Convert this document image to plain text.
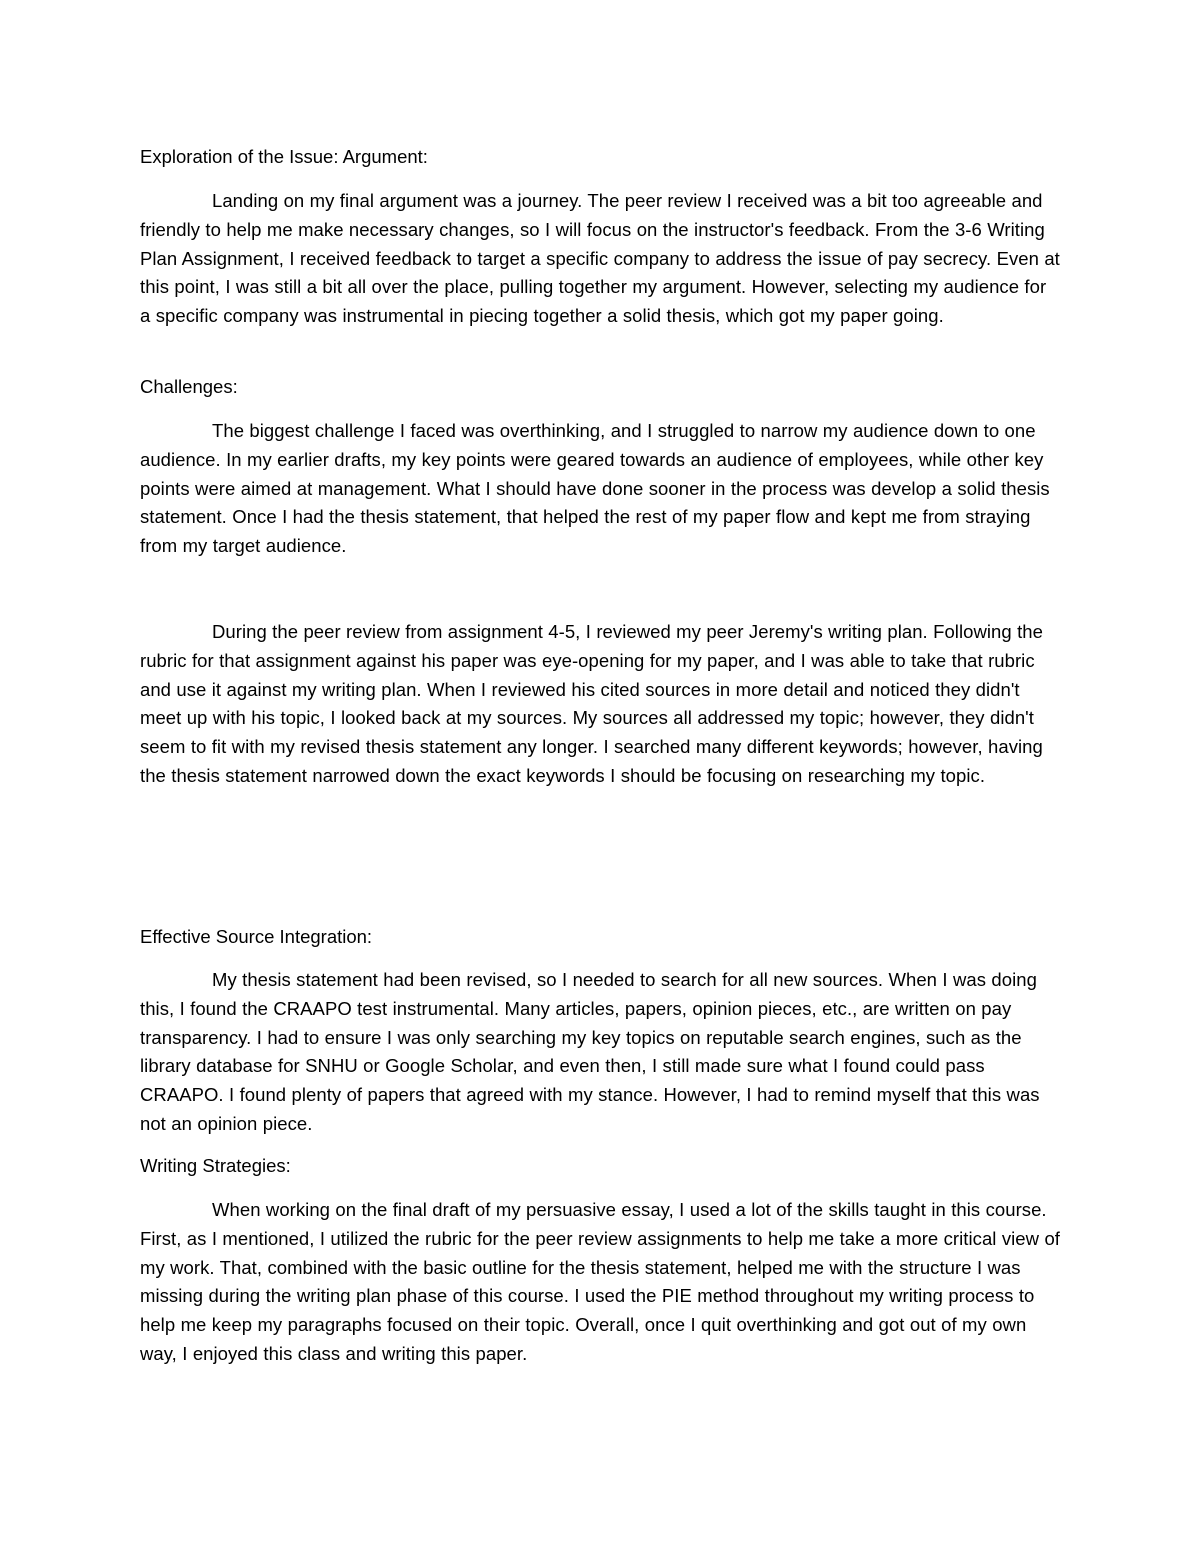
Exploration of the Issue: Argument:

Landing on my final argument was a journey. The peer review I received was a bit too agreeable and friendly to help me make necessary changes, so I will focus on the instructor's feedback. From the 3-6 Writing Plan Assignment, I received feedback to target a specific company to address the issue of pay secrecy. Even at this point, I was still a bit all over the place, pulling together my argument. However, selecting my audience for a specific company was instrumental in piecing together a solid thesis, which got my paper going.

Challenges:

The biggest challenge I faced was overthinking, and I struggled to narrow my audience down to one audience. In my earlier drafts, my key points were geared towards an audience of employees, while other key points were aimed at management. What I should have done sooner in the process was develop a solid thesis statement. Once I had the thesis statement, that helped the rest of my paper flow and kept me from straying from my target audience.

During the peer review from assignment 4-5, I reviewed my peer Jeremy's writing plan. Following the rubric for that assignment against his paper was eye-opening for my paper, and I was able to take that rubric and use it against my writing plan. When I reviewed his cited sources in more detail and noticed they didn't meet up with his topic, I looked back at my sources. My sources all addressed my topic; however, they didn't seem to fit with my revised thesis statement any longer. I searched many different keywords; however, having the thesis statement narrowed down the exact keywords I should be focusing on researching my topic.

Effective Source Integration:

My thesis statement had been revised, so I needed to search for all new sources. When I was doing this, I found the CRAAPO test instrumental. Many articles, papers, opinion pieces, etc., are written on pay transparency. I had to ensure I was only searching my key topics on reputable search engines, such as the library database for SNHU or Google Scholar, and even then, I still made sure what I found could pass CRAAPO. I found plenty of papers that agreed with my stance. However, I had to remind myself that this was not an opinion piece.

Writing Strategies:

When working on the final draft of my persuasive essay, I used a lot of the skills taught in this course. First, as I mentioned, I utilized the rubric for the peer review assignments to help me take a more critical view of my work. That, combined with the basic outline for the thesis statement, helped me with the structure I was missing during the writing plan phase of this course. I used the PIE method throughout my writing process to help me keep my paragraphs focused on their topic. Overall, once I quit overthinking and got out of my own way, I enjoyed this class and writing this paper.
